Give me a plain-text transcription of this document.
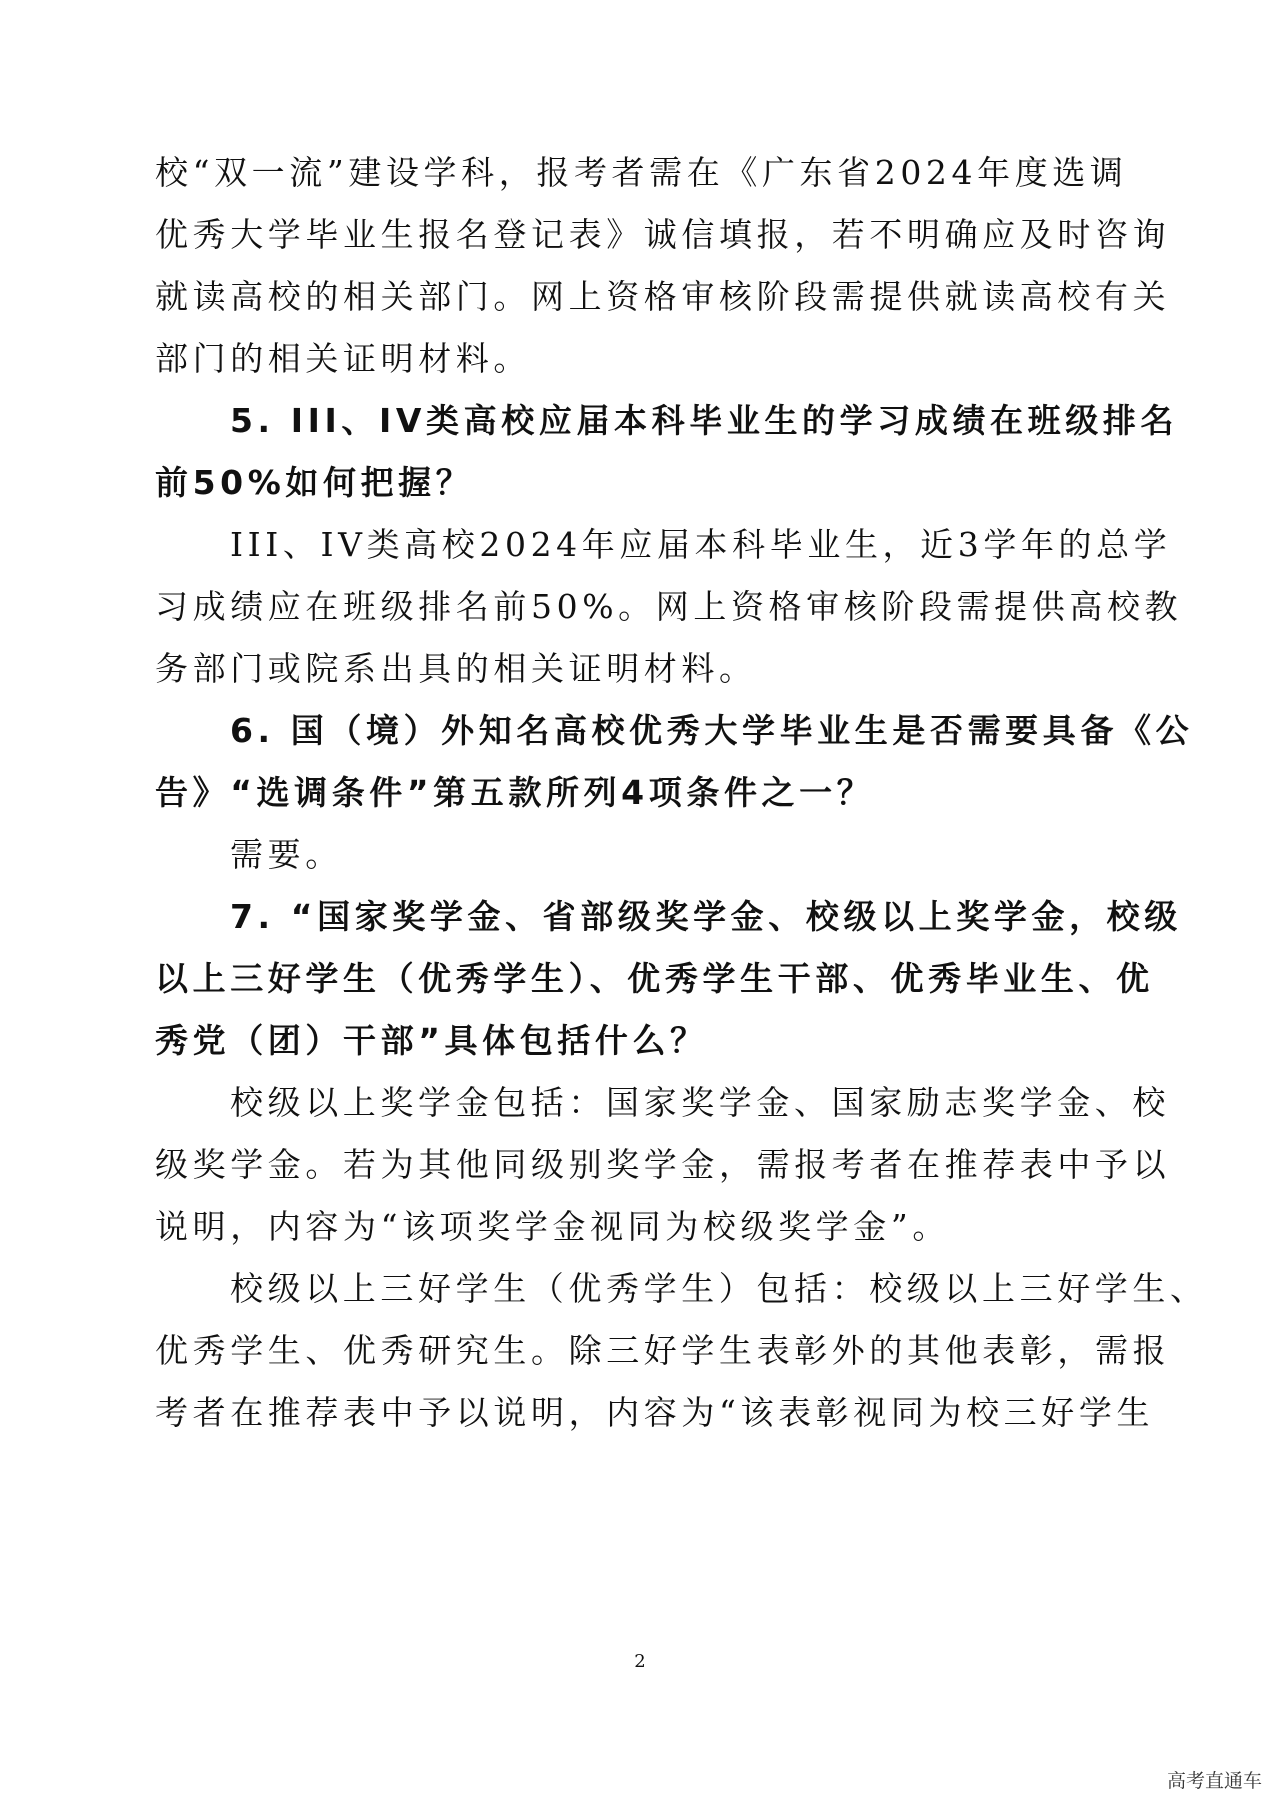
校“双一流”建设学科，报考者需在《广东省2024年度选调
优秀大学毕业生报名登记表》诚信填报，若不明确应及时咨询
就读高校的相关部门。网上资格审核阶段需提供就读高校有关
部门的相关证明材料。
5. III、IV类高校应届本科毕业生的学习成绩在班级排名
前50%如何把握？
III、IV类高校2024年应届本科毕业生，近3学年的总学
习成绩应在班级排名前50%。网上资格审核阶段需提供高校教
务部门或院系出具的相关证明材料。
6. 国（境）外知名高校优秀大学毕业生是否需要具备《公
告》“选调条件”第五款所列4项条件之一？
需要。
7. “国家奖学金、省部级奖学金、校级以上奖学金，校级
以上三好学生（优秀学生）、优秀学生干部、优秀毕业生、优
秀党（团）干部”具体包括什么？
校级以上奖学金包括：国家奖学金、国家励志奖学金、校
级奖学金。若为其他同级别奖学金，需报考者在推荐表中予以
说明，内容为“该项奖学金视同为校级奖学金”。
校级以上三好学生（优秀学生）包括：校级以上三好学生、
优秀学生、优秀研究生。除三好学生表彰外的其他表彰，需报
考者在推荐表中予以说明，内容为“该表彰视同为校三好学生
2
高考直通车
